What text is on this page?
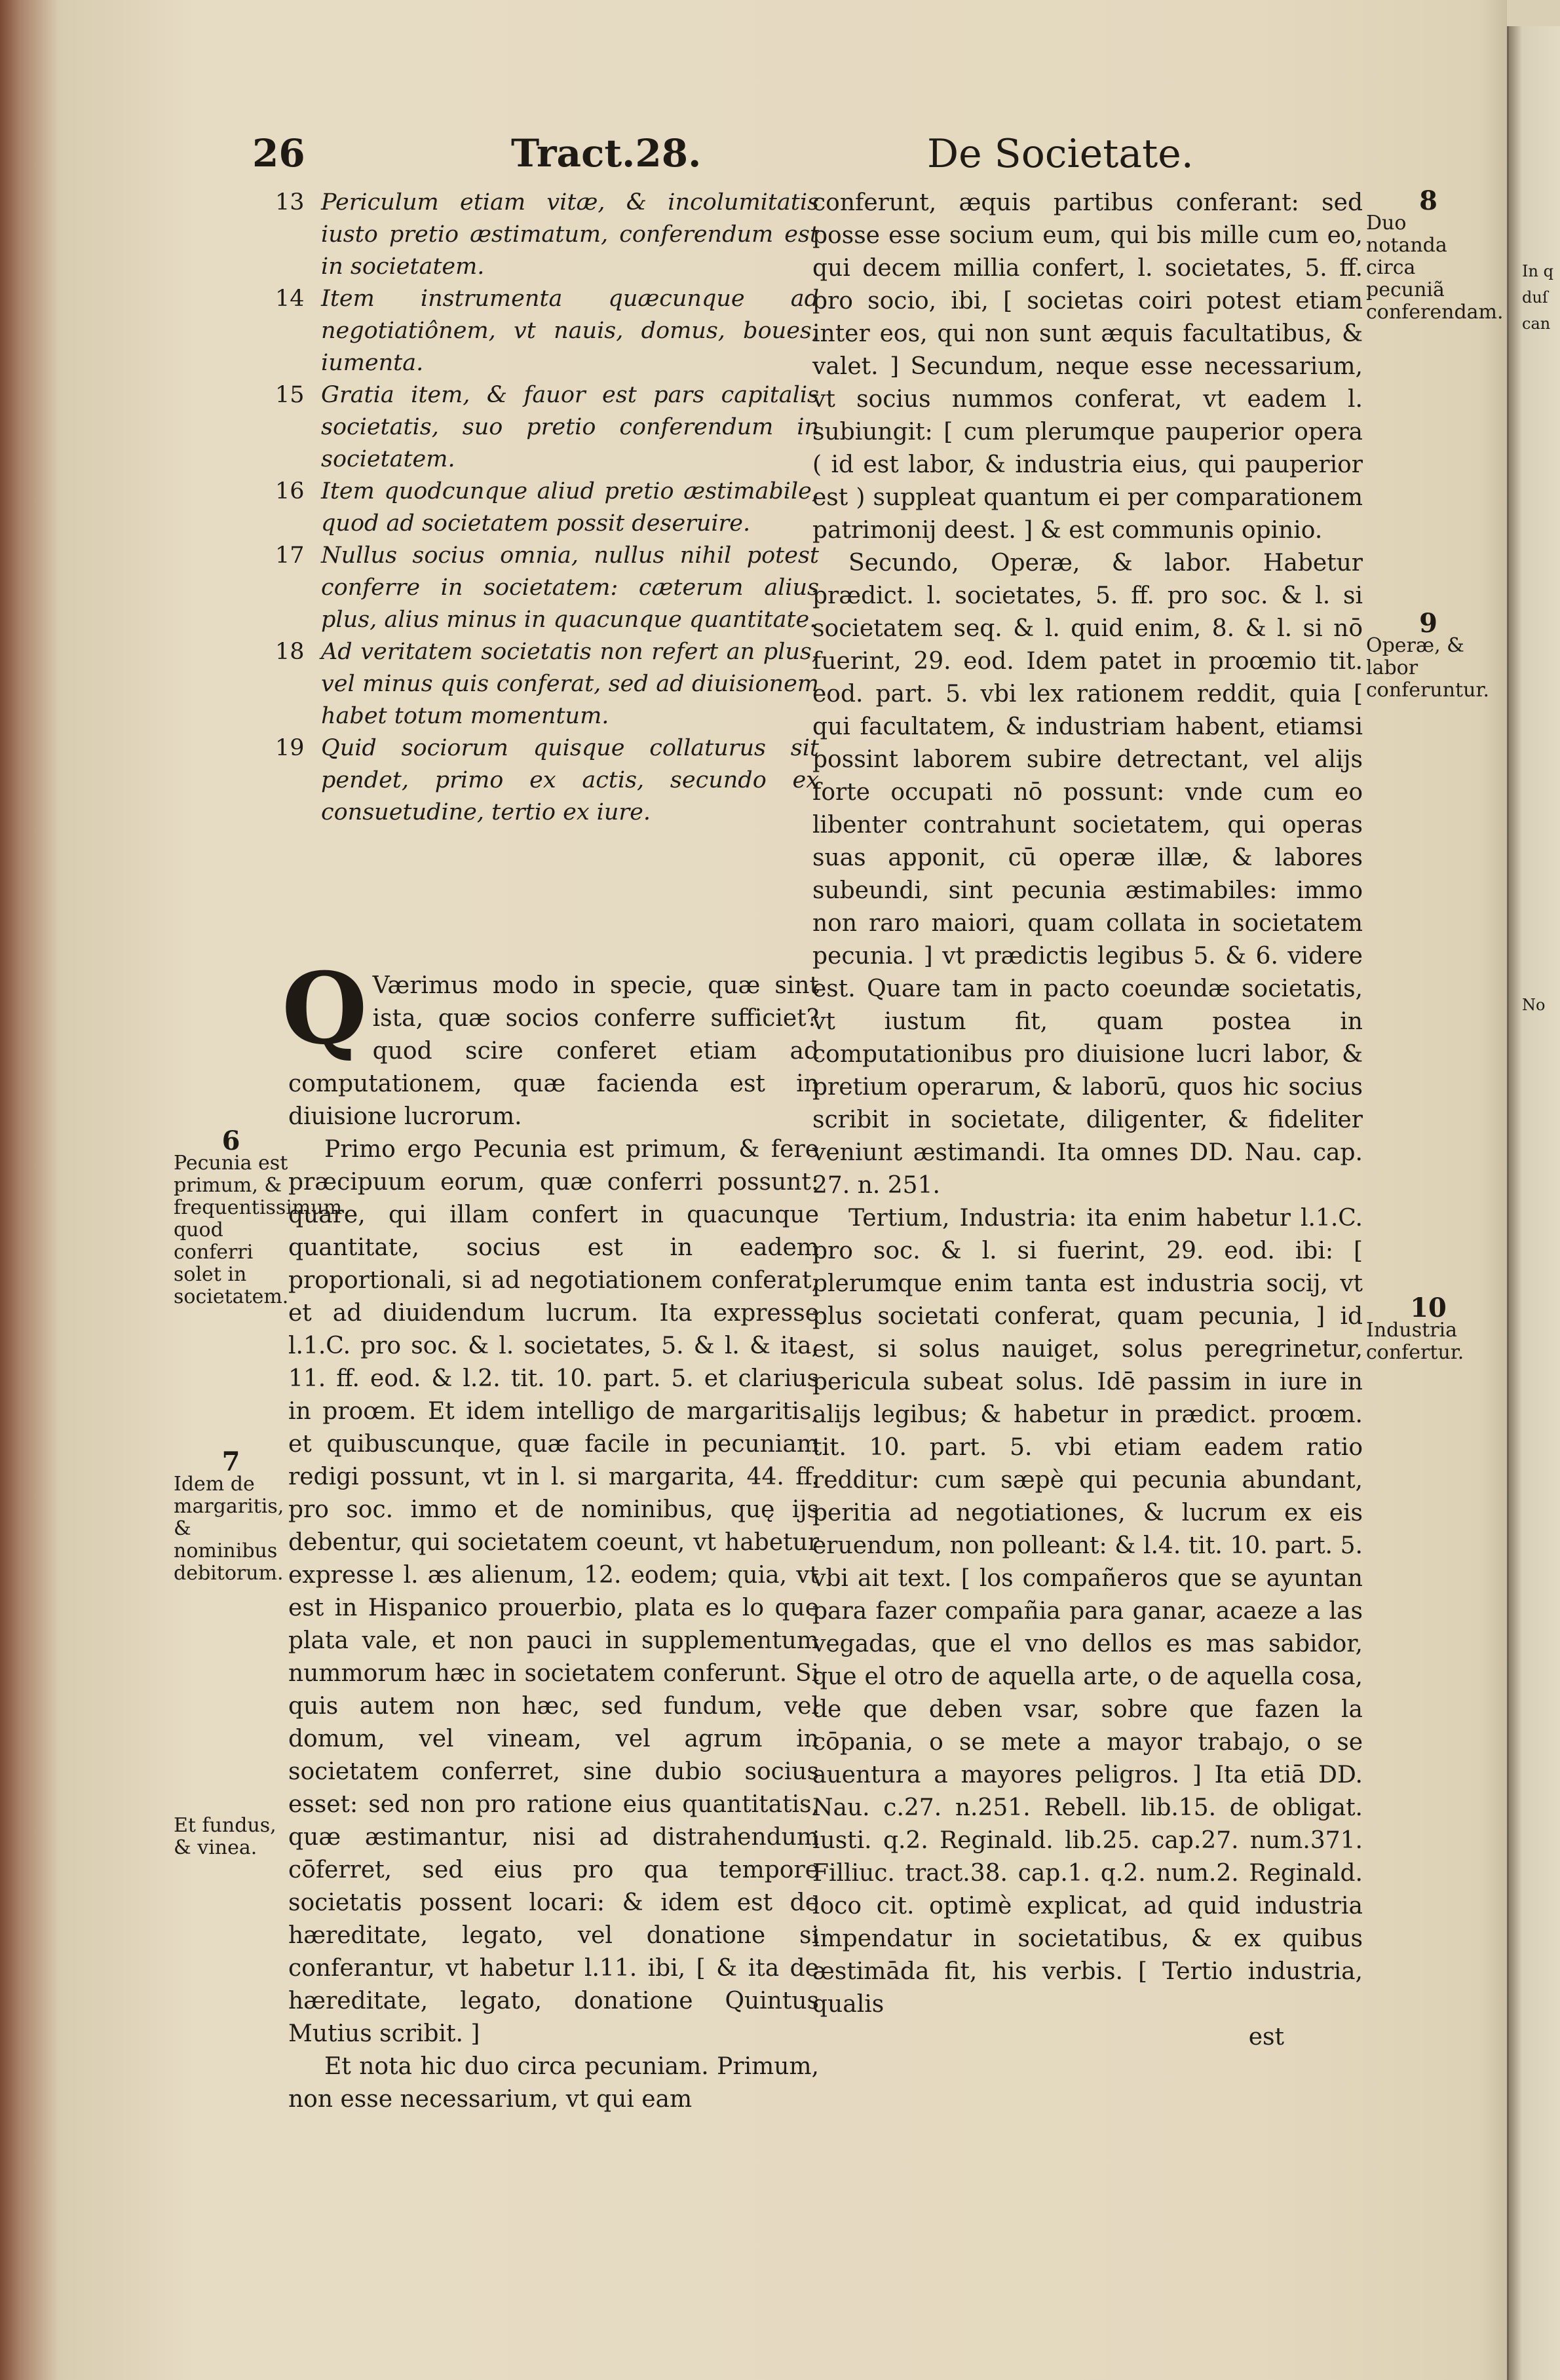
26	Tract.28.	De Societate.
13 Periculum etiam vitæ, & incolumitatis iusto pretio æstimatum, conferendum est in societatem.
14 Item instrumenta quæcunque ad negotiatiônem, vt nauis, domus, boues, iumenta.
15 Gratia item, & fauor est pars capitalis societatis, suo pretio conferendum in societatem.
16 Item quodcunque aliud pretio æstimabile, quod ad societatem possit deseruire.
17 Nullus socius omnia, nullus nihil potest conferre in societatem: cæterum alius plus, alius minus in quacunque quantitate.
18 Ad veritatem societatis non refert an plus, vel minus quis conferat, sed ad diuisionem habet totum momentum.
19 Quid sociorum quisque collaturus sit pendet, primo ex actis, secundo ex consuetudine, tertio ex iure.

Q Værimus modo in specie, quæ sint ista, quæ socios conferre sufficiet? quod scire conferet etiam ad computationem, quæ facienda est in diuisione lucrorum.

Primo ergo Pecunia est primum, & fere præcipuum eorum, quæ conferri possunt: quare, qui illam confert in quacunque quantitate, socius est in eadem proportionali, si ad negotiationem conferat, et ad diuidendum lucrum. Ita expresse l.1.C. pro soc. & l. societates, 5. & l. & ita, 11. ff. eod. & l.2. tit. 10. part. 5. et clarius in proœm. Et idem intelligo de margaritis, et quibuscunque, quæ facile in pecuniam redigi possunt, vt in l. si margarita, 44. ff. pro soc. immo et de nominibus, quę ijs debentur, qui societatem coeunt, vt habetur expresse l. æs alienum, 12. eodem; quia, vt est in Hispanico prouerbio, plata es lo que plata vale, et non pauci in supplementum nummorum hæc in societatem conferunt. Si quis autem non hæc, sed fundum, vel domum, vel vineam, vel agrum in societatem conferret, sine dubio socius esset: sed non pro ratione eius quantitatis, quæ æstimantur, nisi ad distrahendum cōferret, sed eius pro qua tempore societatis possent locari: & idem est de hæreditate, legato, vel donatione si conferantur, vt habetur l.11. ibi, [ & ita de hæreditate, legato, donatione Quintus Mutius scribit. ]

Et nota hic duo circa pecuniam. Primum, non esse necessarium, vt qui eam

conferunt, æquis partibus conferant: sed posse esse socium eum, qui bis mille cum eo, qui decem millia confert, l. societates, 5. ff. pro socio, ibi, [ societas coiri potest etiam inter eos, qui non sunt æquis facultatibus, & valet. ] Secundum, neque esse necessarium, vt socius nummos conferat, vt eadem l. subiungit: [ cum plerumque pauperior opera ( id est labor, & industria eius, qui pauperior est ) suppleat quantum ei per comparationem patrimonij deest. ] & est communis opinio.

Secundo, Operæ, & labor. Habetur prædict. l. societates, 5. ff. pro soc. & l. si societatem seq. & l. quid enim, 8. & l. si nō fuerint, 29. eod. Idem patet in proœmio tit. eod. part. 5. vbi lex rationem reddit, quia [ qui facultatem, & industriam habent, etiamsi possint laborem subire detrectant, vel alijs forte occupati nō possunt: vnde cum eo libenter contrahunt societatem, qui operas suas apponit, cū operæ illæ, & labores subeundi, sint pecunia æstimabiles: immo non raro maiori, quam collata in societatem pecunia. ] vt prædictis legibus 5. & 6. videre est. Quare tam in pacto coeundæ societatis, vt iustum fit, quam postea in computationibus pro diuisione lucri labor, & pretium operarum, & laborū, quos hic socius scribit in societate, diligenter, & fideliter veniunt æstimandi. Ita omnes DD. Nau. cap. 27. n. 251.

Tertium, Industria: ita enim habetur l.1.C. pro soc. & l. si fuerint, 29. eod. ibi: [ plerumque enim tanta est industria socij, vt plus societati conferat, quam pecunia, ] id est, si solus nauiget, solus peregrinetur, pericula subeat solus. Idē passim in iure in alijs legibus; & habetur in prædict. proœm. tit. 10. part. 5. vbi etiam eadem ratio redditur: cum sæpè qui pecunia abundant, peritia ad negotiationes, & lucrum ex eis eruendum, non polleant: & l.4. tit. 10. part. 5. vbi ait text. [ los compañeros que se ayuntan para fazer compañia para ganar, acaeze a las vegadas, que el vno dellos es mas sabidor, que el otro de aquella arte, o de aquella cosa, de que deben vsar, sobre que fazen la cōpania, o se mete a mayor trabajo, o se auentura a mayores peligros. ] Ita etiā DD. Nau. c.27. n.251. Rebell. lib.15. de obligat. iusti. q.2. Reginald. lib.25. cap.27. num.371. Filliuc. tract.38. cap.1. q.2. num.2. Reginald. loco cit. optimè explicat, ad quid industria impendatur in societatibus, & ex quibus æstimāda fit, his verbis. [ Tertio industria, qualis

est
6
Pecunia est primum, & frequentissimum quod conferri solet in societatem.
7
Idem de margaritis, & nominibus debitorum.
Et fundus, & vinea.
8
Duo notanda circa pecuniã conferendam.
9
Operæ, & labor conferuntur.
10
Industria confertur.
In q
duſ
can
No
